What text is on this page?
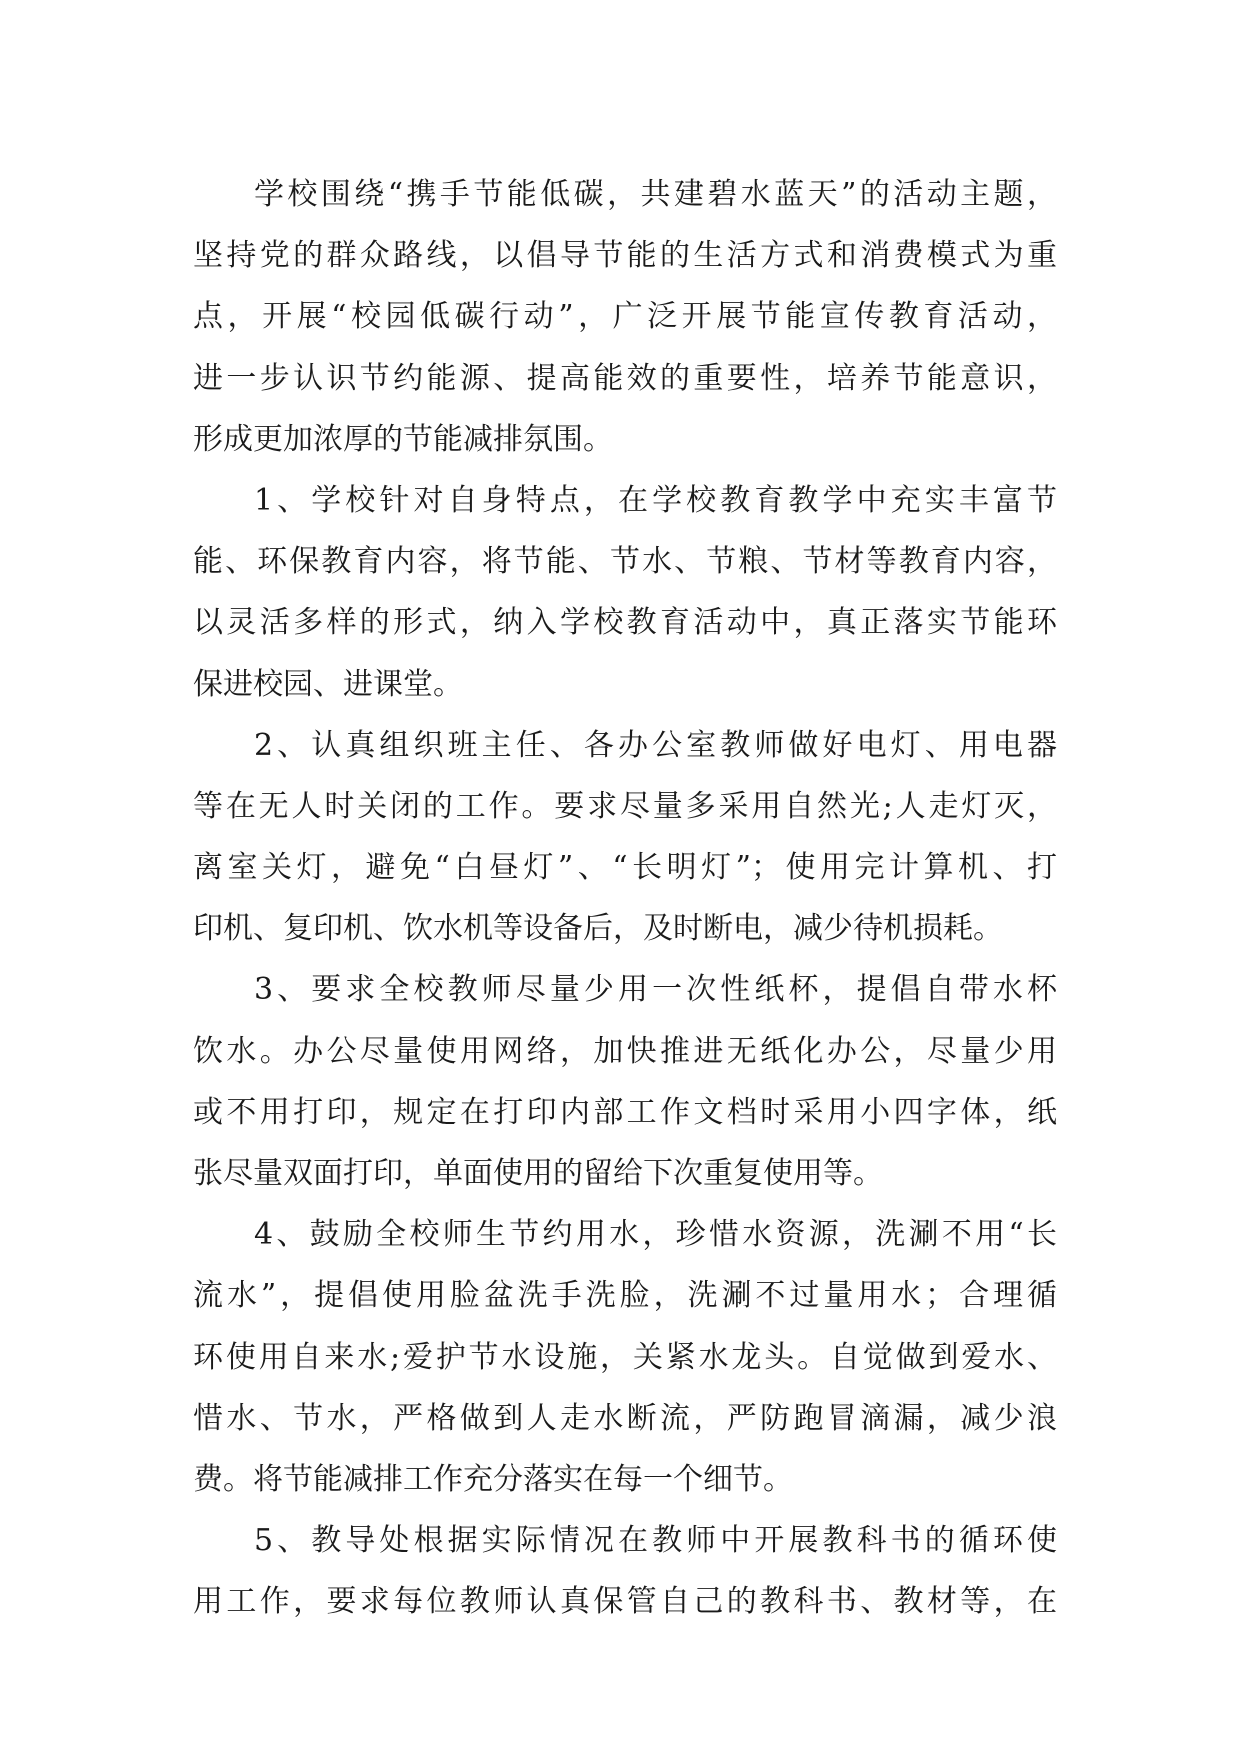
学校围绕“携手节能低碳，共建碧水蓝天”的活动主题，
坚持党的群众路线，以倡导节能的生活方式和消费模式为重
点，开展“校园低碳行动”，广泛开展节能宣传教育活动，
进一步认识节约能源、提高能效的重要性，培养节能意识，
形成更加浓厚的节能减排氛围。
1、学校针对自身特点，在学校教育教学中充实丰富节
能、环保教育内容，将节能、节水、节粮、节材等教育内容，
以灵活多样的形式，纳入学校教育活动中，真正落实节能环
保进校园、进课堂。
2、认真组织班主任、各办公室教师做好电灯、用电器
等在无人时关闭的工作。要求尽量多采用自然光;人走灯灭，
离室关灯，避免“白昼灯”、“长明灯”；使用完计算机、打
印机、复印机、饮水机等设备后，及时断电，减少待机损耗。
3、要求全校教师尽量少用一次性纸杯，提倡自带水杯
饮水。办公尽量使用网络，加快推进无纸化办公，尽量少用
或不用打印，规定在打印内部工作文档时采用小四字体，纸
张尽量双面打印，单面使用的留给下次重复使用等。
4、鼓励全校师生节约用水，珍惜水资源，洗涮不用“长
流水”，提倡使用脸盆洗手洗脸，洗涮不过量用水；合理循
环使用自来水;爱护节水设施，关紧水龙头。自觉做到爱水、
惜水、节水，严格做到人走水断流，严防跑冒滴漏，减少浪
费。将节能减排工作充分落实在每一个细节。
5、教导处根据实际情况在教师中开展教科书的循环使
用工作，要求每位教师认真保管自己的教科书、教材等，在
